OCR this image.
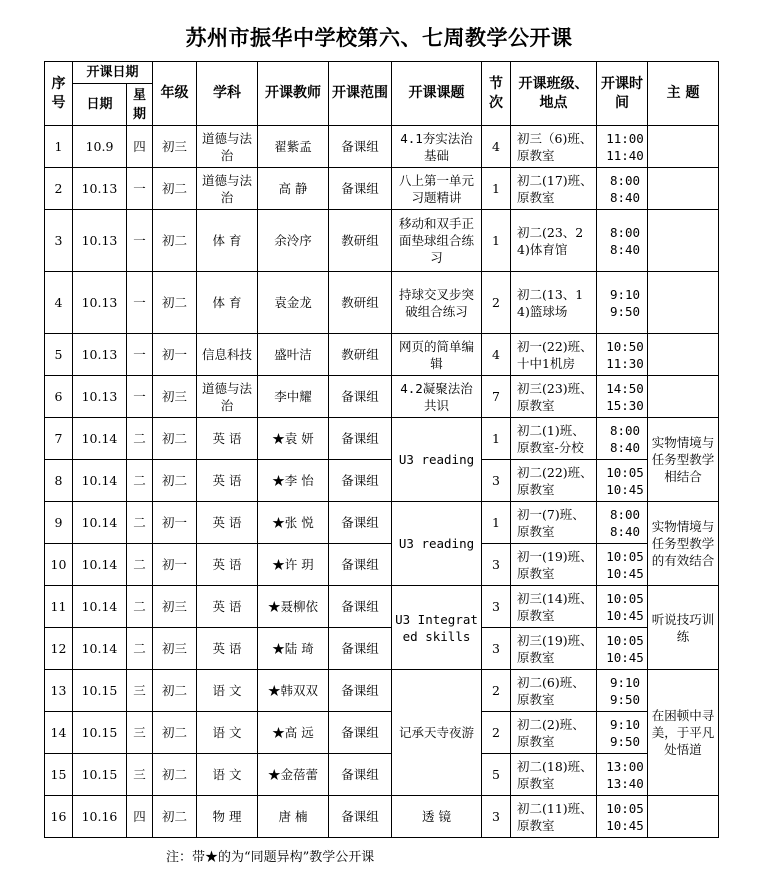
苏州市振华中学校第六、七周教学公开课
序号	开课日期		年级	学科	开课教师	开课范围	开课课题	节次	开课班级、地点	开课时间	主 题
	日期	星期									
1	10.9	四	初三	道德与法治	翟紫孟	备课组	4.1夯实法治基础	4	初三（6)班、原教室	11:00
11:40	

2	10.13	一	初二	道德与法治	高 静	备课组	八上第一单元习题精讲	1	初二(17)班、原教室	8:00
8:40	

3	10.13	一	初二	体 育	余泠序	教研组	移动和双手正面垫球组合练习	1	初二(23、24)体育馆	8:00
8:40	

4	10.13	一	初二	体 育	袁金龙	教研组	持球交叉步突破组合练习	2	初二(13、14)篮球场	9:10
9:50	

5	10.13	一	初一	信息科技	盛叶洁	教研组	网页的简单编辑	4	初一(22)班、十中1机房	10:50
11:30	

6	10.13	一	初三	道德与法治	李中耀	备课组	4.2凝聚法治共识	7	初三(23)班、原教室	14:50
15:30	

7	10.14	二	初二	英 语	★袁 妍	备课组	U3 reading	1	初二(1)班、原教室-分校	8:00
8:40	实物情境与任务型教学相结合
8	10.14	二	初二	英 语	★李 怡	备课组		3	初二(22)班、原教室	10:05
10:45	

9	10.14	二	初一	英 语	★张 悦	备课组	U3 reading	1	初一(7)班、原教室	8:00
8:40	实物情境与任务型教学的有效结合
10	10.14	二	初一	英 语	★许 玥	备课组		3	初一(19)班、原教室	10:05
10:45	

11	10.14	二	初三	英 语	★聂柳依	备课组	U3 Integrated skills	3	初三(14)班、原教室	10:05
10:45	听说技巧训练
12	10.14	二	初三	英 语	★陆 琦	备课组		3	初三(19)班、原教室	10:05
10:45	

13	10.15	三	初二	语 文	★韩双双	备课组	记承天寺夜游	2	初二(6)班、原教室	9:10
9:50	在困顿中寻美，于平凡处悟道
14	10.15	三	初二	语 文	★高 远	备课组		2	初二(2)班、原教室	9:10
9:50	

15	10.15	三	初二	语 文	★金蓓蕾	备课组		5	初二(18)班、原教室	13:00
13:40	

16	10.16	四	初二	物 理	唐 楠	备课组	透 镜	3	初二(11)班、原教室	10:05
10:45	

注：带★的为“同题异构”教学公开课
